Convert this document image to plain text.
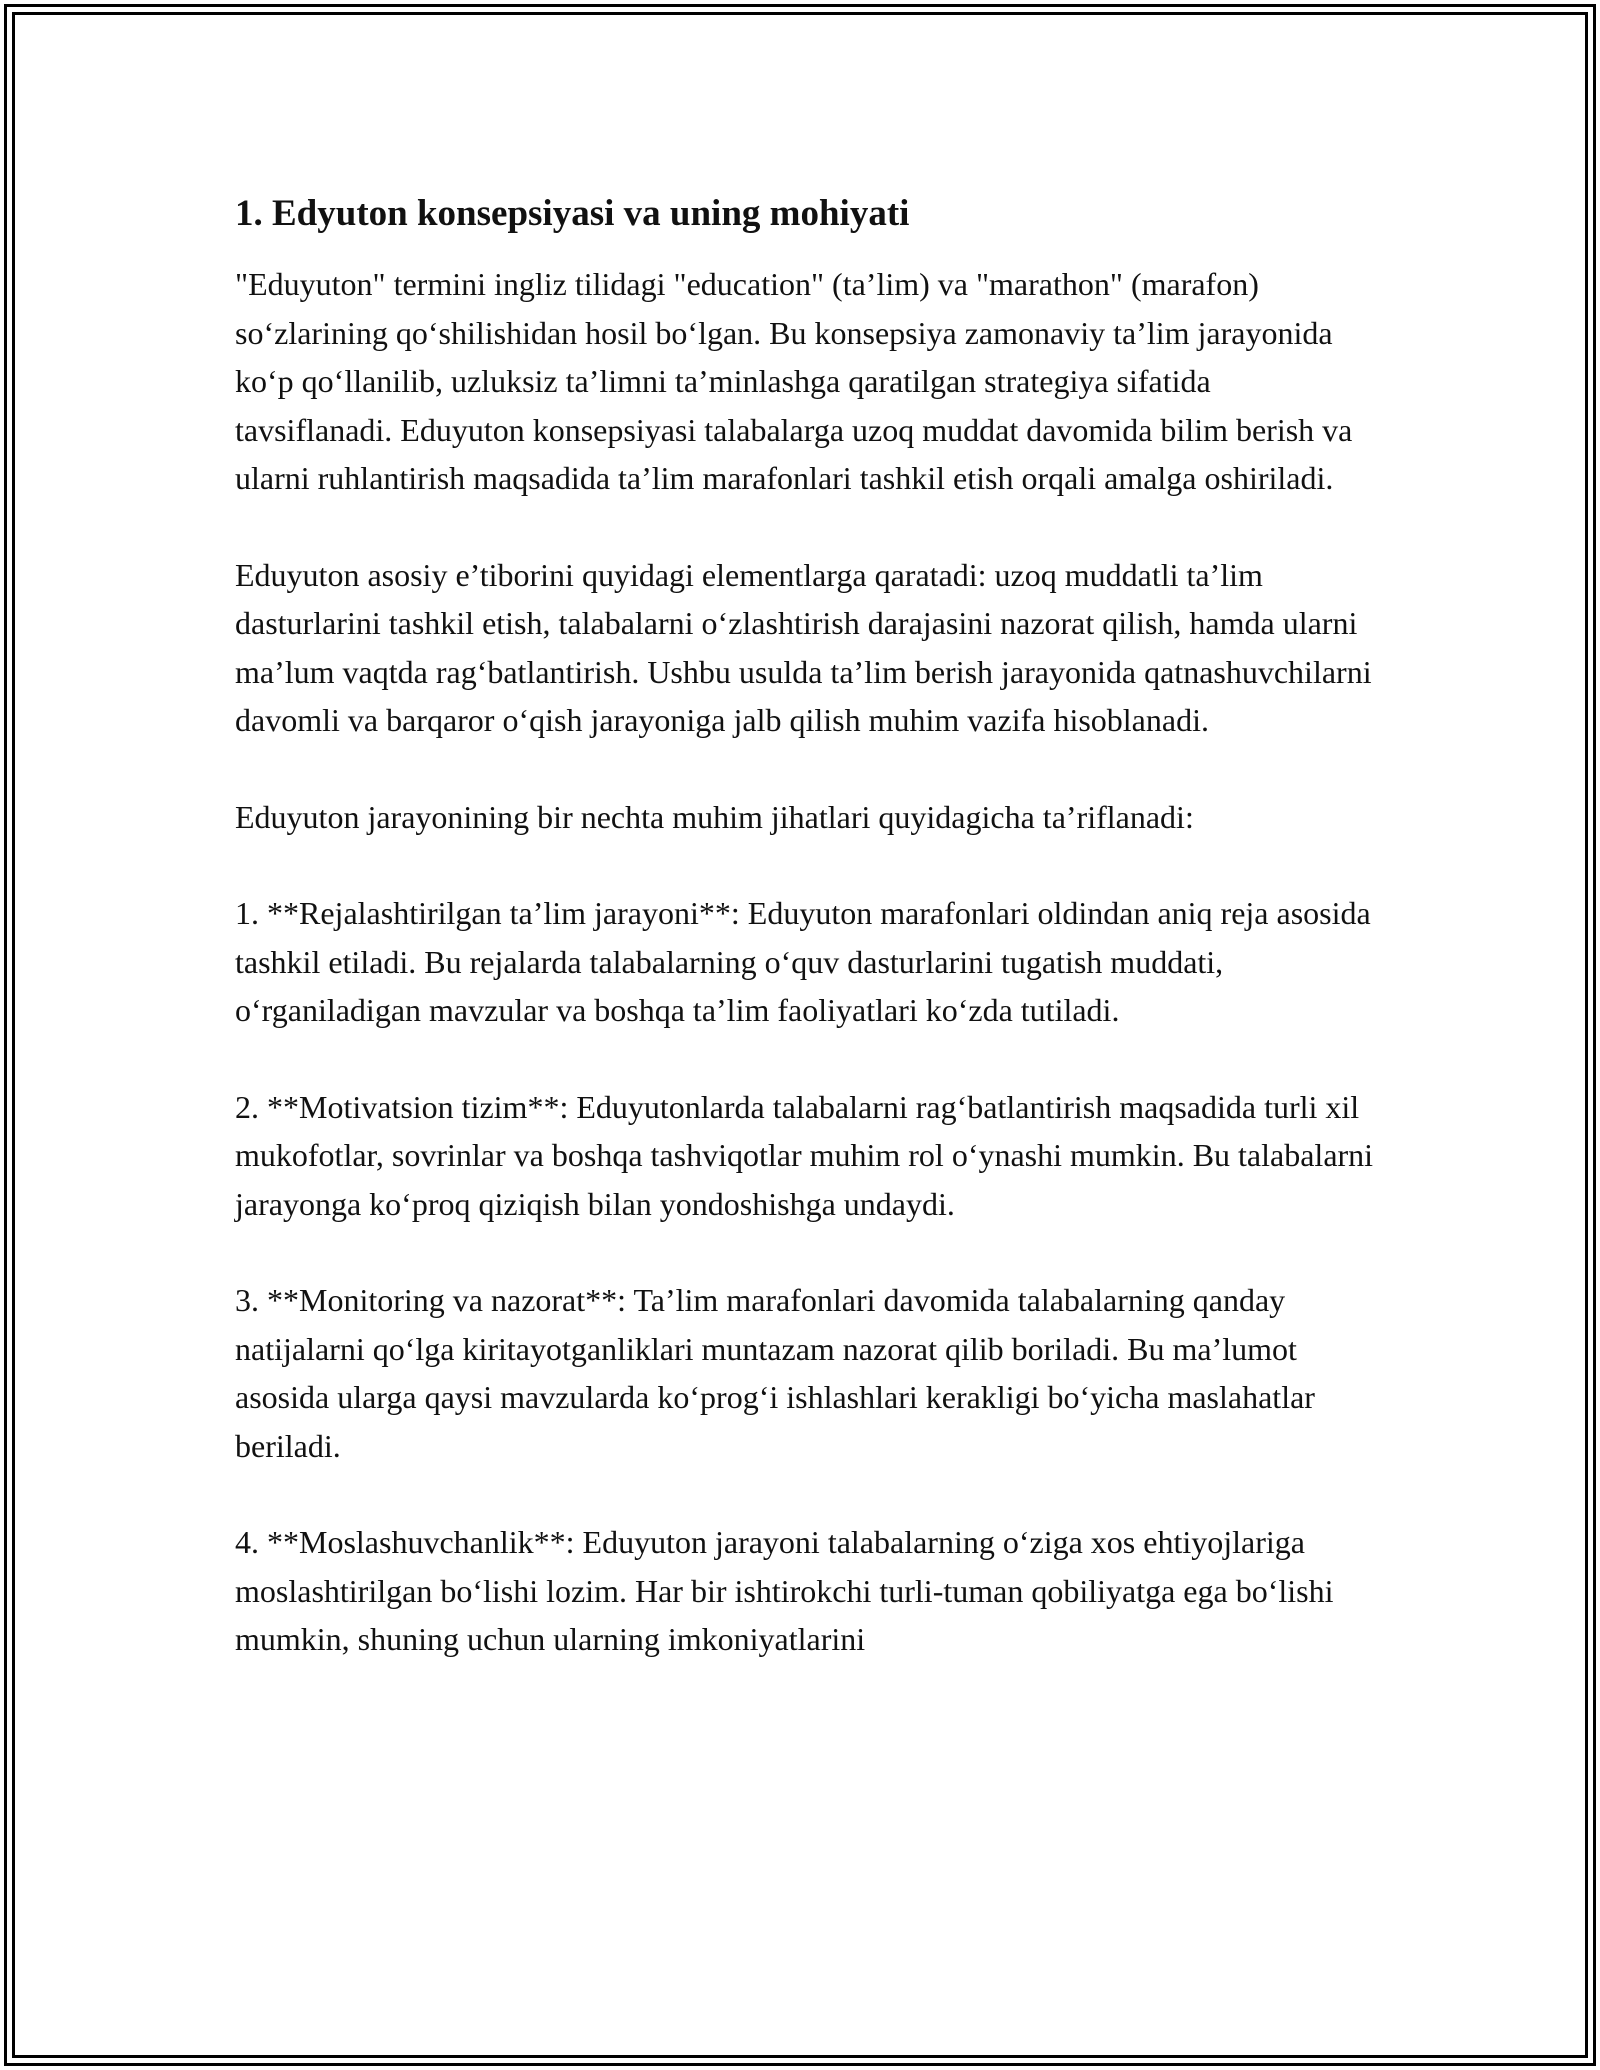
1. Edyuton konsepsiyasi va uning mohiyati

"Eduyuton" termini ingliz tilidagi "education" (ta’lim) va "marathon" (marafon) so‘zlarining qo‘shilishidan hosil bo‘lgan. Bu konsepsiya zamonaviy ta’lim jarayonida ko‘p qo‘llanilib, uzluksiz ta’limni ta’minlashga qaratilgan strategiya sifatida tavsiflanadi. Eduyuton konsepsiyasi talabalarga uzoq muddat davomida bilim berish va ularni ruhlantirish maqsadida ta’lim marafonlari tashkil etish orqali amalga oshiriladi.

Eduyuton asosiy e’tiborini quyidagi elementlarga qaratadi: uzoq muddatli ta’lim dasturlarini tashkil etish, talabalarni o‘zlashtirish darajasini nazorat qilish, hamda ularni ma’lum vaqtda rag‘batlantirish. Ushbu usulda ta’lim berish jarayonida qatnashuvchilarni davomli va barqaror o‘qish jarayoniga jalb qilish muhim vazifa hisoblanadi.

Eduyuton jarayonining bir nechta muhim jihatlari quyidagicha ta’riflanadi:

1. **Rejalashtirilgan ta’lim jarayoni**: Eduyuton marafonlari oldindan aniq reja asosida tashkil etiladi. Bu rejalarda talabalarning o‘quv dasturlarini tugatish muddati, o‘rganiladigan mavzular va boshqa ta’lim faoliyatlari ko‘zda tutiladi.

2. **Motivatsion tizim**: Eduyutonlarda talabalarni rag‘batlantirish maqsadida turli xil mukofotlar, sovrinlar va boshqa tashviqotlar muhim rol o‘ynashi mumkin. Bu talabalarni jarayonga ko‘proq qiziqish bilan yondoshishga undaydi.

3. **Monitoring va nazorat**: Ta’lim marafonlari davomida talabalarning qanday natijalarni qo‘lga kiritayotganliklari muntazam nazorat qilib boriladi. Bu ma’lumot asosida ularga qaysi mavzularda ko‘prog‘i ishlashlari kerakligi bo‘yicha maslahatlar beriladi.

4. **Moslashuvchanlik**: Eduyuton jarayoni talabalarning o‘ziga xos ehtiyojlariga moslashtirilgan bo‘lishi lozim. Har bir ishtirokchi turli-tuman qobiliyatga ega bo‘lishi mumkin, shuning uchun ularning imkoniyatlarini
